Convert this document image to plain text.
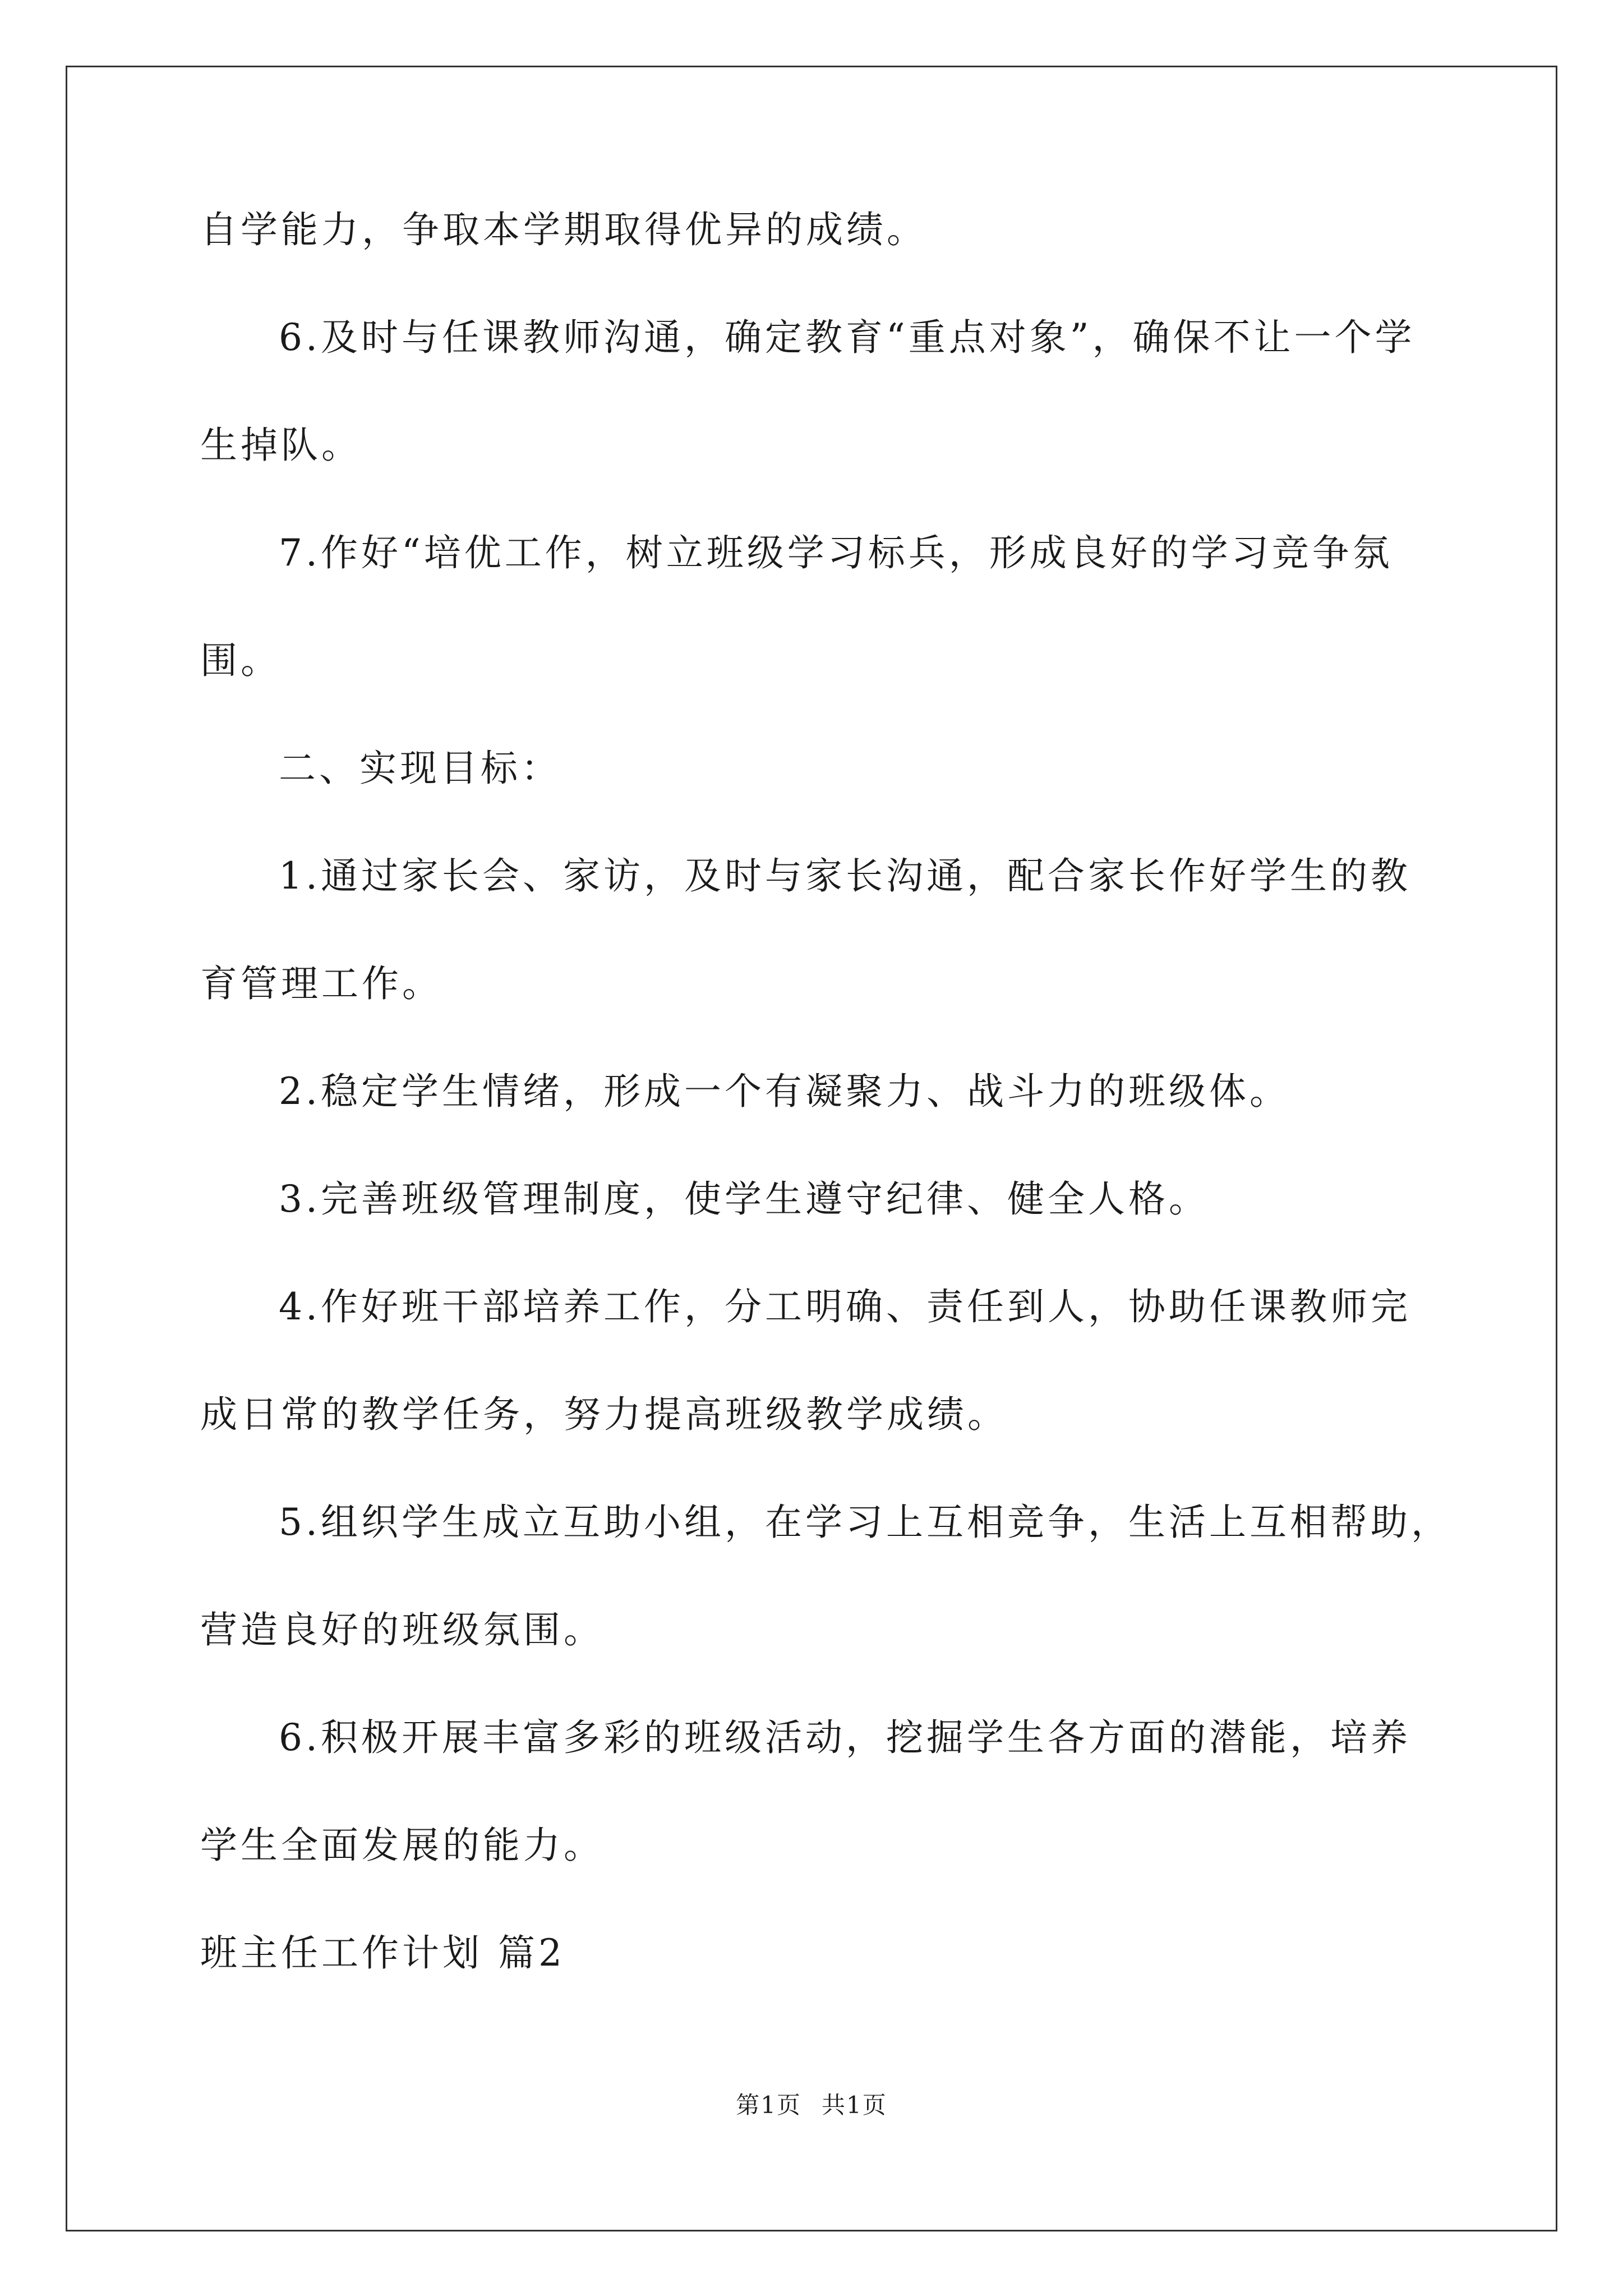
自学能力，争取本学期取得优异的成绩。
6.及时与任课教师沟通，确定教育“重点对象”，确保不让一个学
生掉队。
7.作好“培优工作，树立班级学习标兵，形成良好的学习竞争氛
围。
二、实现目标：
1.通过家长会、家访，及时与家长沟通，配合家长作好学生的教
育管理工作。
2.稳定学生情绪，形成一个有凝聚力、战斗力的班级体。
3.完善班级管理制度，使学生遵守纪律、健全人格。
4.作好班干部培养工作，分工明确、责任到人，协助任课教师完
成日常的教学任务，努力提高班级教学成绩。
5.组织学生成立互助小组，在学习上互相竞争，生活上互相帮助，
营造良好的班级氛围。
6.积极开展丰富多彩的班级活动，挖掘学生各方面的潜能，培养
学生全面发展的能力。
班主任工作计划 篇2
第1页 共1页
